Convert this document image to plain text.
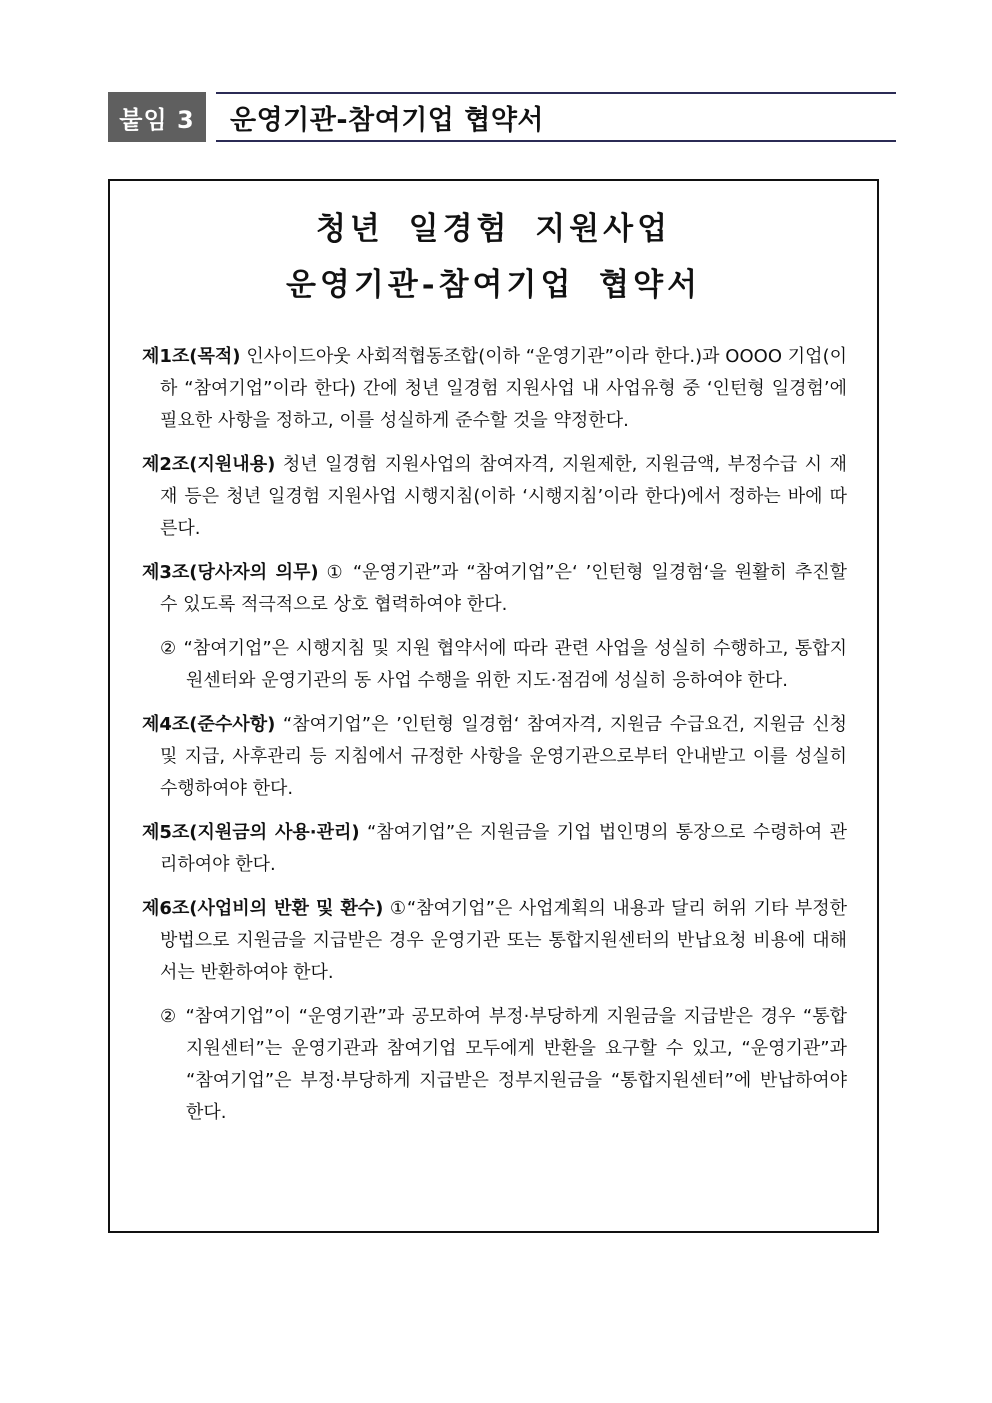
붙임 3	운영기관-참여기업 협약서
청년 일경험 지원사업
운영기관-참여기업 협약서

제1조(목적) 인사이드아웃 사회적협동조합(이하 “운영기관”이라 한다.)과 OOOO 기업(이하 “참여기업”이라 한다) 간에 청년 일경험 지원사업 내 사업유형 중 ‘인턴형 일경험’에 필요한 사항을 정하고, 이를 성실하게 준수할 것을 약정한다.

제2조(지원내용) 청년 일경험 지원사업의 참여자격, 지원제한, 지원금액, 부정수급 시 재재 등은 청년 일경험 지원사업 시행지침(이하 ‘시행지침’이라 한다)에서 정하는 바에 따른다.

제3조(당사자의 의무) ① “운영기관”과 “참여기업”은‘ ’인턴형 일경험‘을 원활히 추진할 수 있도록 적극적으로 상호 협력하여야 한다.

② “참여기업”은 시행지침 및 지원 협약서에 따라 관련 사업을 성실히 수행하고, 통합지원센터와 운영기관의 동 사업 수행을 위한 지도·점검에 성실히 응하여야 한다.

제4조(준수사항) “참여기업”은 ’인턴형 일경험‘ 참여자격, 지원금 수급요건, 지원금 신청 및 지급, 사후관리 등 지침에서 규정한 사항을 운영기관으로부터 안내받고 이를 성실히 수행하여야 한다.

제5조(지원금의 사용·관리) “참여기업”은 지원금을 기업 법인명의 통장으로 수령하여 관리하여야 한다.

제6조(사업비의 반환 및 환수) ①“참여기업”은 사업계획의 내용과 달리 허위 기타 부정한 방법으로 지원금을 지급받은 경우 운영기관 또는 통합지원센터의 반납요청 비용에 대해서는 반환하여야 한다.

② “참여기업”이 “운영기관”과 공모하여 부정·부당하게 지원금을 지급받은 경우 “통합지원센터”는 운영기관과 참여기업 모두에게 반환을 요구할 수 있고, “운영기관”과 “참여기업”은 부정·부당하게 지급받은 정부지원금을 “통합지원센터”에 반납하여야 한다.
